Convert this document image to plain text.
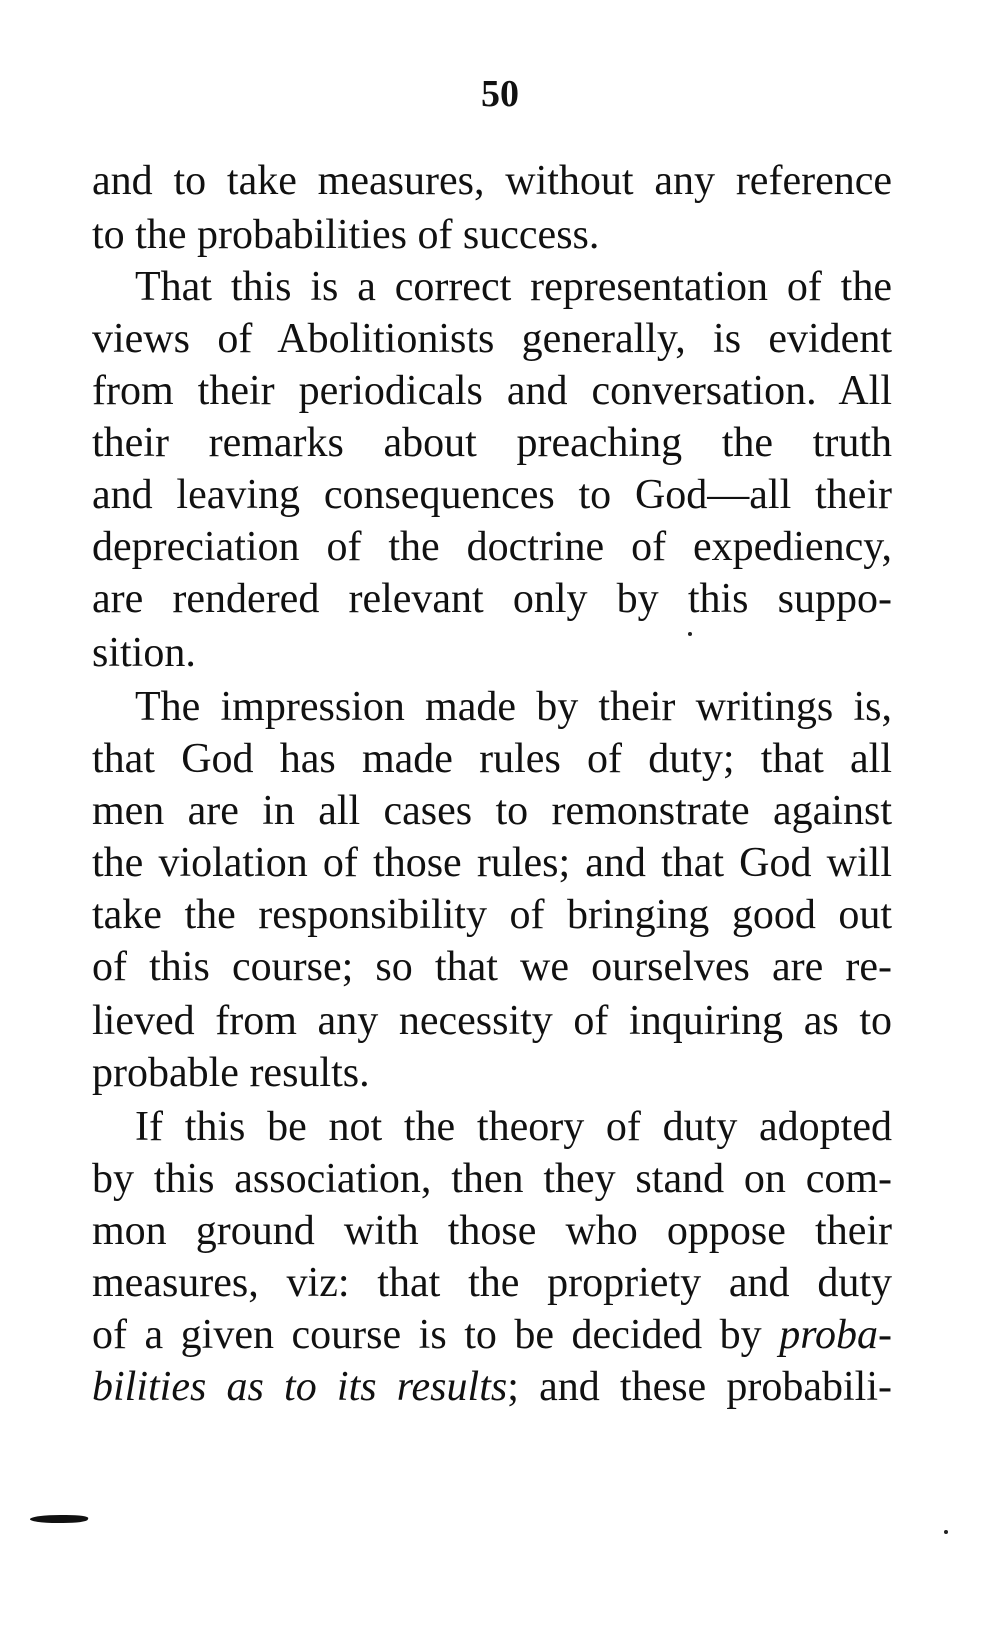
50
and to take measures, without any reference
to the probabilities of success.
That this is a correct representation of the
views of Abolitionists generally, is evident
from their periodicals and conversation. All
their remarks about preaching the truth
and leaving consequences to God—all their
depreciation of the doctrine of expediency,
are rendered relevant only by this suppo-
sition.
The impression made by their writings is,
that God has made rules of duty; that all
men are in all cases to remonstrate against
the violation of those rules; and that God will
take the responsibility of bringing good out
of this course; so that we ourselves are re-
lieved from any necessity of inquiring as to
probable results.
If this be not the theory of duty adopted
by this association, then they stand on com-
mon ground with those who oppose their
measures, viz: that the propriety and duty
of a given course is to be decided by proba-
bilities as to its results; and these probabili-
